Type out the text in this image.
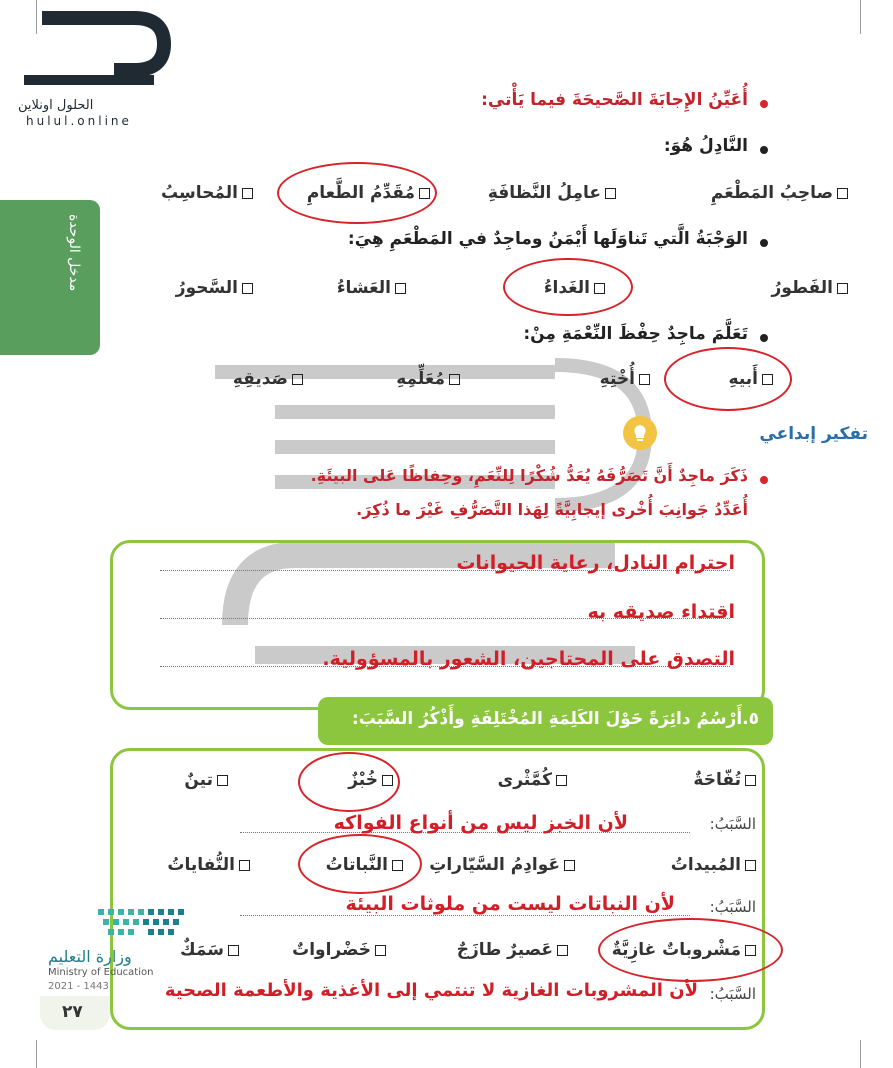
الحلول اونلاين
hulul.online
مدخل الوحدة
أُعَيِّنُ الإِجابَةَ الصَّحيحَةَ فيما يَأْتي:
النَّادِلُ هُوَ:
صاحِبُ المَطْعَمِ
عامِلُ النَّظافَةِ
مُقَدِّمُ الطَّعامِ
المُحاسِبُ
الوَجْبَةُ الَّتي تَناوَلَها أَيْمَنُ وماجِدٌ في المَطْعَمِ هِيَ:
الفَطورُ
الغَداءُ
العَشاءُ
السَّحورُ
تَعَلَّمَ ماجِدٌ حِفْظَ النِّعْمَةِ مِنْ:
أَبيهِ
أُخْتِهِ
مُعَلِّمِهِ
صَديقِهِ
تفكير إبداعي
ذَكَرَ ماجِدٌ أَنَّ تَصَرُّفَهُ يُعَدُّ شُكْرًا لِلنِّعَمِ، وحِفاظًا عَلى البيئَةِ.
أُعَدِّدُ جَوانِبَ أُخْرى إيجابِيَّةً لِهَذا التَّصَرُّفِ غَيْرَ ما ذُكِرَ.
احترام النادل، رعاية الحيوانات
اقتداء صديقه به
التصدق على المحتاجين، الشعور بالمسؤولية.
٥.أَرْسُمُ دائِرَةً حَوْلَ الكَلِمَةِ المُخْتَلِفَةِ وأَذْكُرُ السَّبَبَ:
تُفّاحَةٌ
كُمَّثْرى
خُبْزٌ
تينٌ
السَّبَبُ:
لأن الخبز ليس من أنواع الفواكه
المُبيداتُ
عَوادِمُ السَّيّاراتِ
النَّباتاتُ
النُّفاياتُ
السَّبَبُ:
لأن النباتات ليست من ملوثات البيئة
مَشْروباتٌ غازِيَّةٌ
عَصيرٌ طازَجٌ
خَضْراواتٌ
سَمَكٌ
السَّبَبُ:
لأن المشروبات الغازية لا تنتمي إلى الأغذية والأطعمة الصحية
وزارة التعليم
Ministry of Education
2021 - 1443
٢٧
